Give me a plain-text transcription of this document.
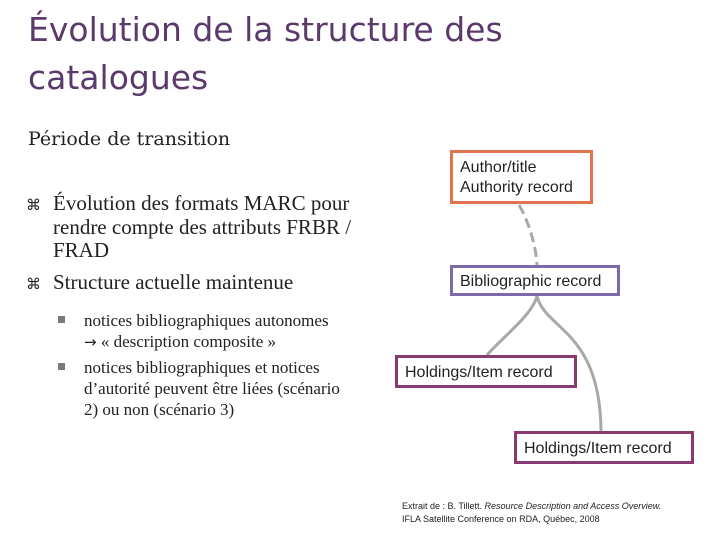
Évolution de la structure des catalogues
Période de transition
⌘ Évolution des formats MARC pour rendre compte des attributs FRBR / FRAD
⌘ Structure actuelle maintenue
notices bibliographiques autonomes
→ « description composite »
notices bibliographiques et notices d’autorité peuvent être liées (scénario 2) ou non (scénario 3)
Author/title
Authority record
Bibliographic record
Holdings/Item record
Holdings/Item record
Extrait de : B. Tillett. Resource Description and Access Overview.
IFLA Satellite Conference on RDA, Québec, 2008
